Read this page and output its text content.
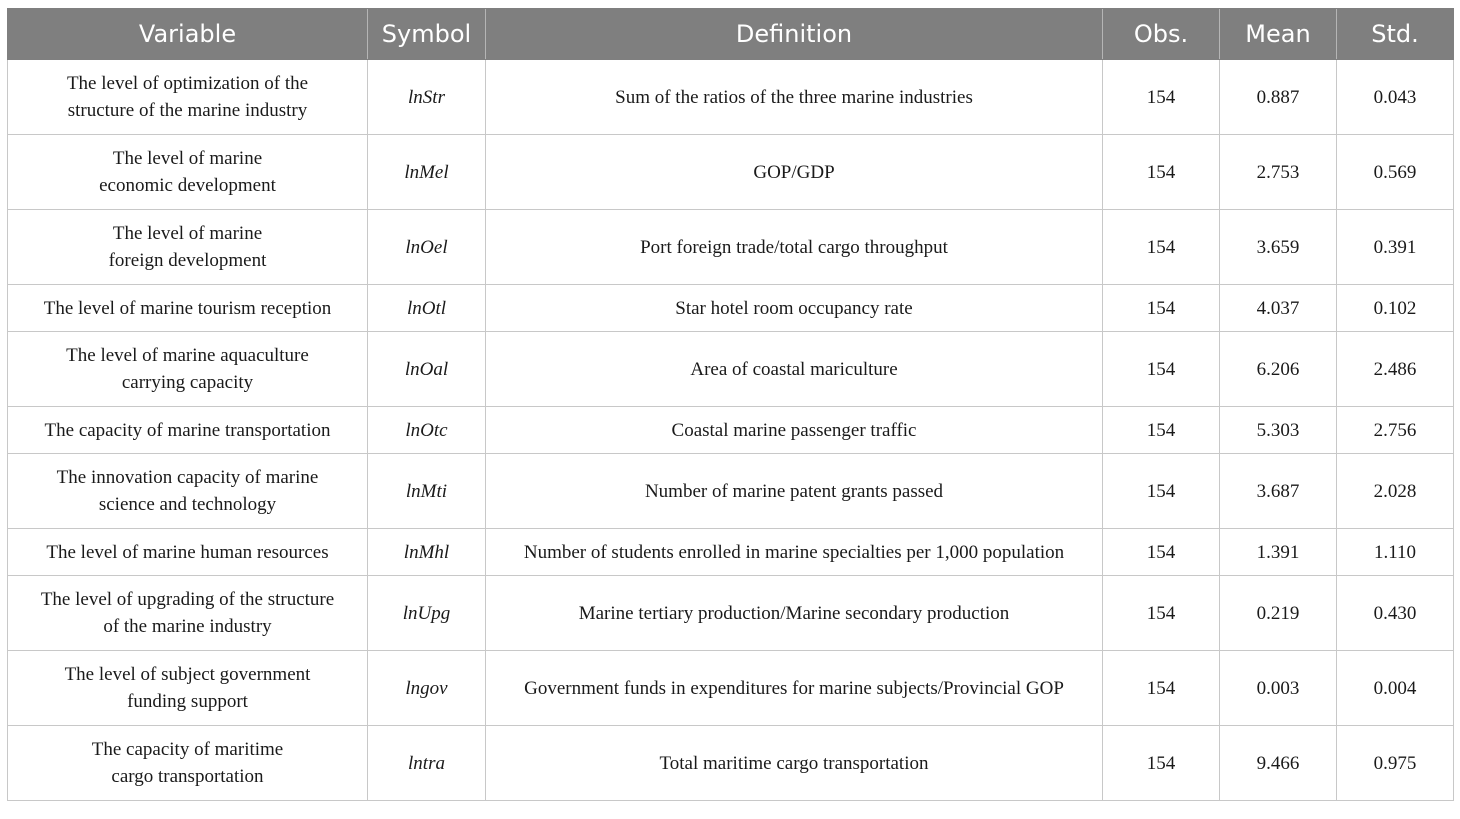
Variable	Symbol	Definition	Obs.	Mean	Std.
The level of optimization of the
structure of the marine industry	lnStr	Sum of the ratios of the three marine industries	154	0.887	0.043
The level of marine
economic development	lnMel	GOP/GDP	154	2.753	0.569
The level of marine
foreign development	lnOel	Port foreign trade/total cargo throughput	154	3.659	0.391
The level of marine tourism reception	lnOtl	Star hotel room occupancy rate	154	4.037	0.102
The level of marine aquaculture
carrying capacity	lnOal	Area of coastal mariculture	154	6.206	2.486
The capacity of marine transportation	lnOtc	Coastal marine passenger traffic	154	5.303	2.756
The innovation capacity of marine
science and technology	lnMti	Number of marine patent grants passed	154	3.687	2.028
The level of marine human resources	lnMhl	Number of students enrolled in marine specialties per 1,000 population	154	1.391	1.110
The level of upgrading of the structure
of the marine industry	lnUpg	Marine tertiary production/Marine secondary production	154	0.219	0.430
The level of subject government
funding support	lngov	Government funds in expenditures for marine subjects/Provincial GOP	154	0.003	0.004
The capacity of maritime
cargo transportation	lntra	Total maritime cargo transportation	154	9.466	0.975
